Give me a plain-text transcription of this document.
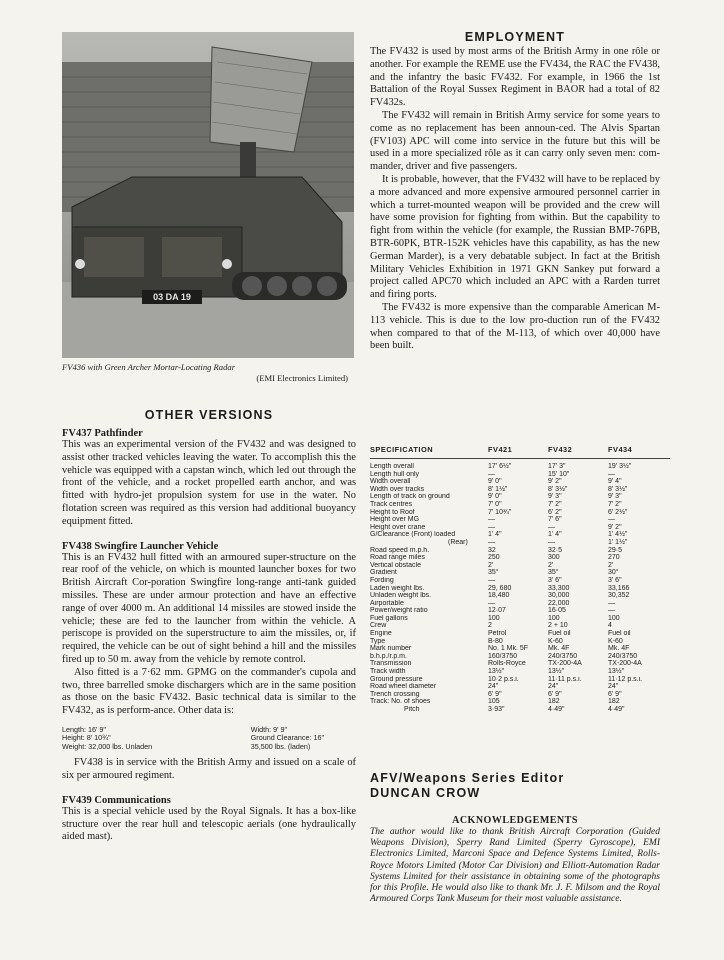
03 DA 19
FV436 with Green Archer Mortar-Locating Radar
(EMI Electronics Limited)
OTHER VERSIONS
FV437 Pathfinder

This was an experimental version of the FV432 and was designed to assist other tracked vehicles leaving the water. To accomplish this the vehicle was equipped with a capstan winch, which led out through the front of the vehicle, and a rocket propelled earth anchor, and was fitted with hydro-jet propulsion system for use in the water. No flotation screen was required as this version had additional buoyancy equipment fitted.

FV438 Swingfire Launcher Vehicle

This is an FV432 hull fitted with an armoured super-structure on the rear roof of the vehicle, on which is mounted launcher boxes for two British Aircraft Cor-poration Swingfire long-range anti-tank guided missiles. These are under armour protection and have an effective range of over 4000 m. An additional 14 missiles are stowed inside the vehicle; these are fed to the launcher from within the vehicle. A periscope is provided on the superstructure to aim the missiles, or, if required, the vehicle can be out of sight behind a hill and the missiles fired up to 50 m. away from the vehicle by remote control.

Also fitted is a 7·62 mm. GPMG on the commander's cupola and two, three barrelled smoke dischargers which are in the same position as those on the basic FV432. Basic technical data is similar to the FV432, as is perform-ance. Other data is:

Length: 16' 9"
Height: 8' 10¾"
Weight: 32,000 lbs. Unladen
Width: 9' 9"
Ground Clearance: 16"
35,500 lbs. (laden)

FV438 is in service with the British Army and issued on a scale of six per armoured regiment.

FV439 Communications

This is a special vehicle used by the Royal Signals. It has a box-like structure over the rear hull and telescopic aerials (one hydraulically aided mast).

EMPLOYMENT

The FV432 is used by most arms of the British Army in one rôle or another. For example the REME use the FV434, the RAC the FV438, and the infantry the basic FV432. For example, in 1966 the 1st Battalion of the Royal Sussex Regiment in BAOR had a total of 82 FV432s.

The FV432 will remain in British Army service for some years to come as no replacement has been announ-ced. The Alvis Spartan (FV103) APC will come into service in the future but this will be used in a more specialized rôle as it can carry only seven men: com-mander, driver and five passengers.

It is probable, however, that the FV432 will have to be replaced by a more advanced and more expensive armoured personnel carrier in which a turret-mounted weapon will be provided and the crew will have some provision for fighting from within. But the capability to fight from within the vehicle (for example, the Russian BMP-76PB, BTR-60PK, BTR-152K vehicles have this capability, as has the new German Marder), is a very debatable subject. In fact at the British Military Vehicles Exhibition in 1971 GKN Sankey put forward a project called APC70 which included an APC with a Rarden turret and firing ports.

The FV432 is more expensive than the comparable American M-113 vehicle. This is due to the low pro-duction run of the FV432 when compared to that of the M-113, of which over 40,000 have been built.

SPECIFICATION	FV421	FV432	FV434

Length overall	17' 6½"	17' 3"	19' 3½"
Length hull only	—	15' 10"	—
Width overall	9' 0"	9' 2"	9' 4"
Width over tracks	8' 1½"	8' 3½"	8' 3½"
Length of track on ground	9' 0"	9' 3"	9' 3"
Track centres	7' 0"	7' 2"	7' 2"
Height to Roof	7' 10¾"	6' 2"	6' 2½"
Height over MG	—	7' 6"	—
Height over crane	—	—	9' 2"
G/Clearance (Front) loaded	1' 4"	1' 4"	1' 4½"
(Rear)	—	—	1' 1½"
Road speed m.p.h.	32	32·5	29·5
Road range miles	250	300	270
Vertical obstacle	2'	2'	2'
Gradient	35°	35°	30°
Fording	—	3' 6"	3' 6"
Laden weight lbs.	29, 680	33,300	33,166
Unladen weight lbs.	18,480	30,000	30,352
Airportable	—	22,000	—
Power/weight ratio	12·07	16·05	—
Fuel gallons	100	100	100
Crew	2	2 + 10	4
Engine	Petrol	Fuel oil	Fuel oil
Type	B-80	K-60	K-60
Mark number	No. 1 Mk. 5F	Mk. 4F	Mk. 4F
b.h.p./r.p.m.	160/3750	240/3750	240/3750
Transmission	Rolls-Royce	TX-200-4A	TX-200-4A
Track width	13½"	13½"	13½"
Ground pressure	10·2 p.s.i.	11·11 p.s.i.	11·12 p.s.i.
Road wheel diameter	24"	24"	24"
Trench crossing	6' 9"	6' 9"	6' 9"
Track: No. of shoes	105	182	182
Pitch	3·93"	4·49"	4·49"
AFV/Weapons Series Editor
DUNCAN CROW
ACKNOWLEDGEMENTS

The author would like to thank British Aircraft Corporation (Guided Weapons Division), Sperry Rand Limited (Sperry Gyroscope), EMI Electronics Limited, Marconi Space and Defence Systems Limited, Rolls-Royce Motors Limited (Motor Car Division) and Elliott-Automation Radar Systems Limited for their assistance in obtaining some of the photographs for this Profile. He would also like to thank Mr. J. F. Milsom and the Royal Armoured Corps Tank Museum for their most valuable assistance.
